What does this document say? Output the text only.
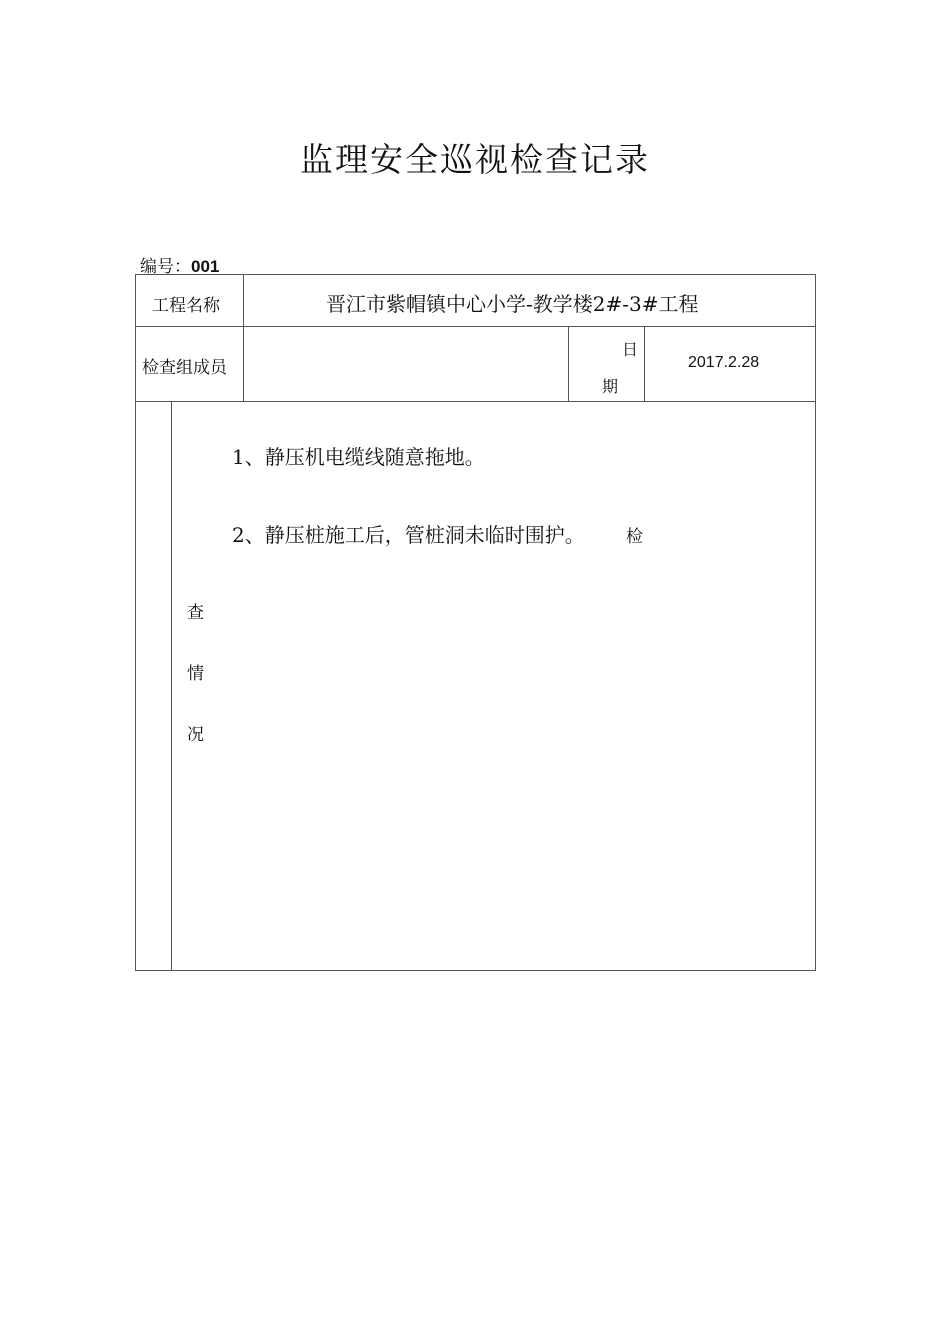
监理安全巡视检查记录
编号：001
工程名称	晋江市紫帽镇中心小学-教学楼2#-3#工程
检查组成员
日
期
2017.2.28
1、静压机电缆线随意拖地。
2、静压桩施工后，管桩洞未临时围护。 检
查
情
况
